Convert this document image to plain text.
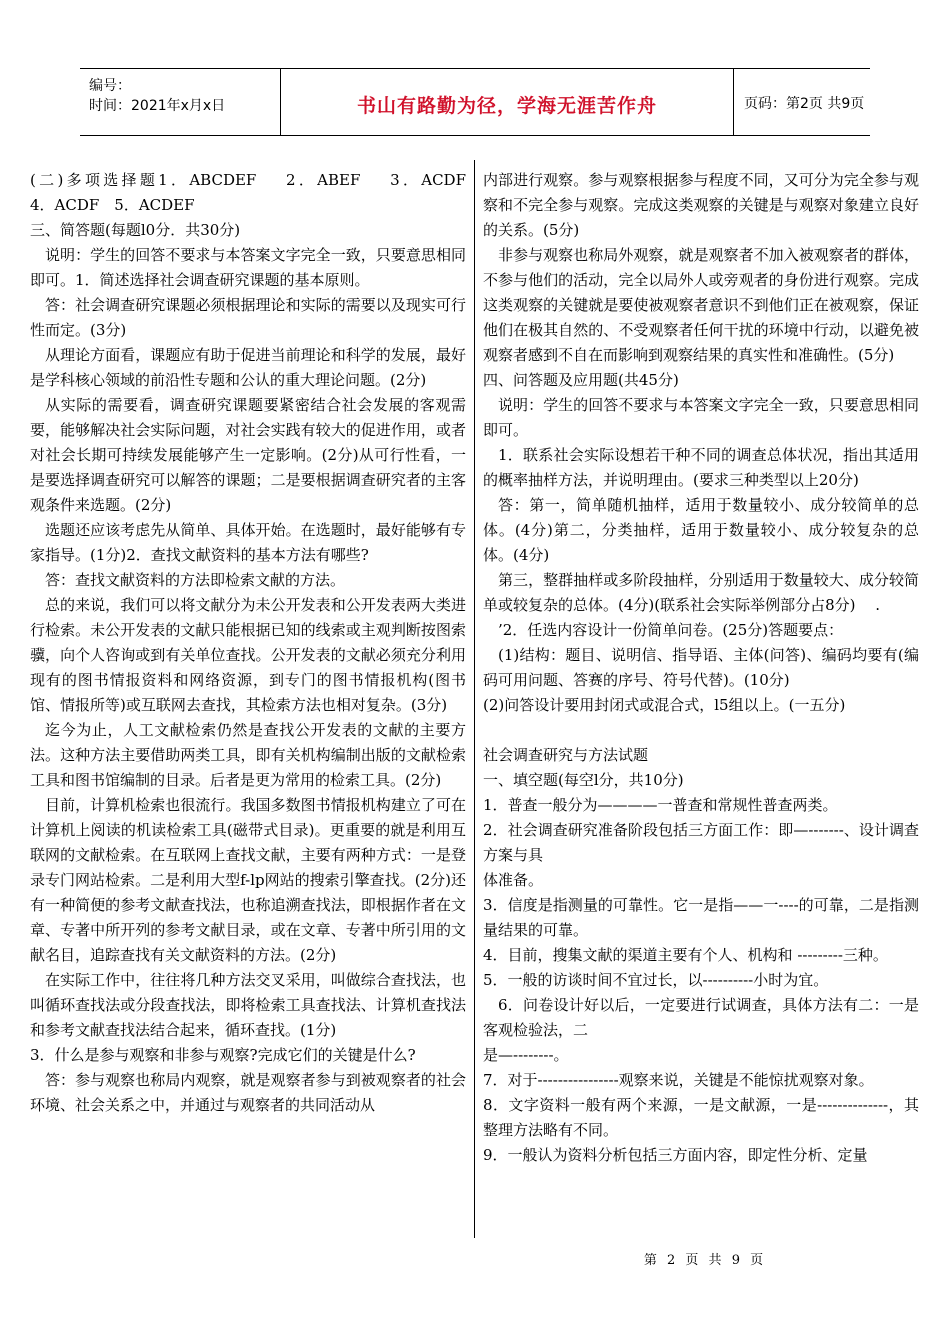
编号：
时间：2021年x月x日	书山有路勤为径，学海无涯苦作舟	页码：第2页 共9页

(二)多项选择题1．ABCDEF　 2．ABEF　 3．ACDF

4．ACDF　5．ACDEF

三、简答题(每题l0分．共30分)

说明：学生的回答不要求与本答案文字完全一致，只要意思相同即可。1．简述选择社会调查研究课题的基本原则。

答：社会调查研究课题必须根据理论和实际的需要以及现实可行性而定。(3分)

从理论方面看，课题应有助于促进当前理论和科学的发展，最好是学科核心领域的前沿性专题和公认的重大理论问题。(2分)

从实际的需要看，调查研究课题要紧密结合社会发展的客观需要，能够解决社会实际问题，对社会实践有较大的促进作用，或者对社会长期可持续发展能够产生一定影响。(2分)从可行性看，一是要选择调查研究可以解答的课题；二是要根据调查研究者的主客观条件来选题。(2分)

选题还应该考虑先从简单、具体开始。在选题时，最好能够有专家指导。(1分)2．查找文献资料的基本方法有哪些?

答：查找文献资料的方法即检索文献的方法。

总的来说，我们可以将文献分为未公开发表和公开发表两大类进行检索。未公开发表的文献只能根据已知的线索或主观判断按图索骥，向个人咨询或到有关单位查找。公开发表的文献必须充分利用现有的图书情报资料和网络资源，到专门的图书情报机构(图书馆、情报所等)或互联网去查找，其检索方法也相对复杂。(3分)

迄今为止，人工文献检索仍然是查找公开发表的文献的主要方法。这种方法主要借助两类工具，即有关机构编制出版的文献检索工具和图书馆编制的目录。后者是更为常用的检索工具。(2分)

目前，计算机检索也很流行。我国多数图书情报机构建立了可在计算机上阅读的机读检索工具(磁带式目录)。更重要的就是利用互联网的文献检索。在互联网上查找文献，主要有两种方式：一是登录专门网站检索。二是利用大型f-lp网站的搜索引擎查找。(2分)还有一种简便的参考文献查找法，也称追溯查找法，即根据作者在文章、专著中所开列的参考文献目录，或在文章、专著中所引用的文献名目，追踪查找有关文献资料的方法。(2分)

在实际工作中，往往将几种方法交叉采用，叫做综合查找法，也叫循环查找法或分段查找法，即将检索工具查找法、计算机查找法和参考文献查找法结合起来，循环查找。(1分)

3．什么是参与观察和非参与观察?完成它们的关键是什么?

答：参与观察也称局内观察，就是观察者参与到被观察者的社会环境、社会关系之中，并通过与观察者的共同活动从

内部进行观察。参与观察根据参与程度不同，又可分为完全参与观察和不完全参与观察。完成这类观察的关键是与观察对象建立良好的关系。(5分)

非参与观察也称局外观察，就是观察者不加入被观察者的群体，不参与他们的活动，完全以局外人或旁观者的身份进行观察。完成这类观察的关键就是要使被观察者意识不到他们正在被观察，保证他们在极其自然的、不受观察者任何干扰的环境中行动，以避免被观察者感到不自在而影响到观察结果的真实性和准确性。(5分)

四、问答题及应用题(共45分)

说明：学生的回答不要求与本答案文字完全一致，只要意思相同即可。

1．联系社会实际设想若干种不同的调查总体状况，指出其适用的概率抽样方法，并说明理由。(要求三种类型以上20分)

答：第一，简单随机抽样，适用于数量较小、成分较简单的总体。(4分)第二，分类抽样，适用于数量较小、成分较复杂的总体。(4分)

第三，整群抽样或多阶段抽样，分别适用于数量较大、成分较简单或较复杂的总体。(4分)(联系社会实际举例部分占8分)　 .

’2．任选内容设计一份简单问卷。(25分)答题要点：

(1)结构：题目、说明信、指导语、主体(问答)、编码均要有(编码可用问题、答赛的序号、符号代替)。(10分)

(2)问答设计要用封闭式或混合式，l5组以上。(一五分)

社会调查研究与方法试题

一、填空题(每空l分，共10分)

1．普查一般分为————一普查和常规性普查两类。

2．社会调查研究准备阶段包括三方面工作：即—-------、设计调查方案与具

体准备。

3．信度是指测量的可靠性。它一是指——一----的可靠，二是指测量结果的可靠。

4．目前，搜集文献的渠道主要有个人、机构和 ---------三种。

5．一般的访谈时间不宜过长，以----------小时为宜。

6．问卷设计好以后，一定要进行试调查，具体方法有二：一是客观检验法，二

是—--------。

7．对于----------------观察来说，关键是不能惊扰观察对象。

8．文字资料一般有两个来源，一是文献源，一是--------------，其整理方法略有不同。

9．一般认为资料分析包括三方面内容，即定性分析、定量

第 2 页 共 9 页
